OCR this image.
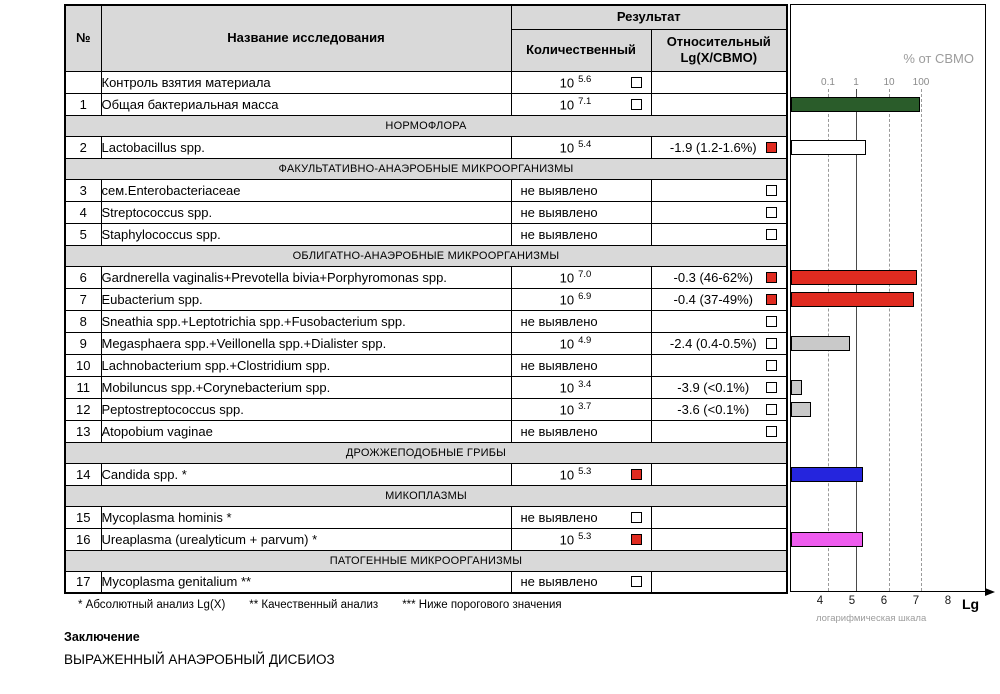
№	Название исследования	Результат	
		Количественный	Относительный
Lg(X/СВМО)

	Контроль взятия материала	10 $^{5.6}$

1	Общая бактериальная масса	10 $^{7.1}$

НОРМОФЛОРА			
2	Lactobacillus spp.	10 $^{5.4}$	-1.9 (1.2-1.6%)

ФАКУЛЬТАТИВНО-АНАЭРОБНЫЕ МИКРООРГАНИЗМЫ			
3	сем.Enterobacteriaceae	не выявлено	

4	Streptococcus spp.	не выявлено	

5	Staphylococcus spp.	не выявлено	

ОБЛИГАТНО-АНАЭРОБНЫЕ МИКРООРГАНИЗМЫ			
6	Gardnerella vaginalis+Prevotella bivia+Porphyromonas spp.	10 $^{7.0}$	-0.3 (46-62%)

7	Eubacterium spp.	10 $^{6.9}$	-0.4 (37-49%)

8	Sneathia spp.+Leptotrichia spp.+Fusobacterium spp.	не выявлено	

9	Megasphaera spp.+Veillonella spp.+Dialister spp.	10 $^{4.9}$	-2.4 (0.4-0.5%)

10	Lachnobacterium spp.+Clostridium spp.	не выявлено	

11	Mobiluncus spp.+Corynebacterium spp.	10 $^{3.4}$	-3.9 (<0.1%)

12	Peptostreptococcus spp.	10 $^{3.7}$	-3.6 (<0.1%)

13	Atopobium vaginae	не выявлено	

ДРОЖЖЕПОДОБНЫЕ ГРИБЫ			
14	Candida spp. *	10 $^{5.3}$

МИКОПЛАЗМЫ			
15	Mycoplasma hominis *	не выявлено	

16	Ureaplasma (urealyticum + parvum) *	10 $^{5.3}$

ПАТОГЕННЫЕ МИКРООРГАНИЗМЫ			
17	Mycoplasma genitalium **	не выявлено	

% от СВМО
0.1 1 10 100
4 5 6 7 8 Lg
логарифмическая шкала
* Абсолютный анализ Lg(X) ** Качественный анализ *** Ниже порогового значения
Заключение
ВЫРАЖЕННЫЙ АНАЭРОБНЫЙ ДИСБИОЗ
